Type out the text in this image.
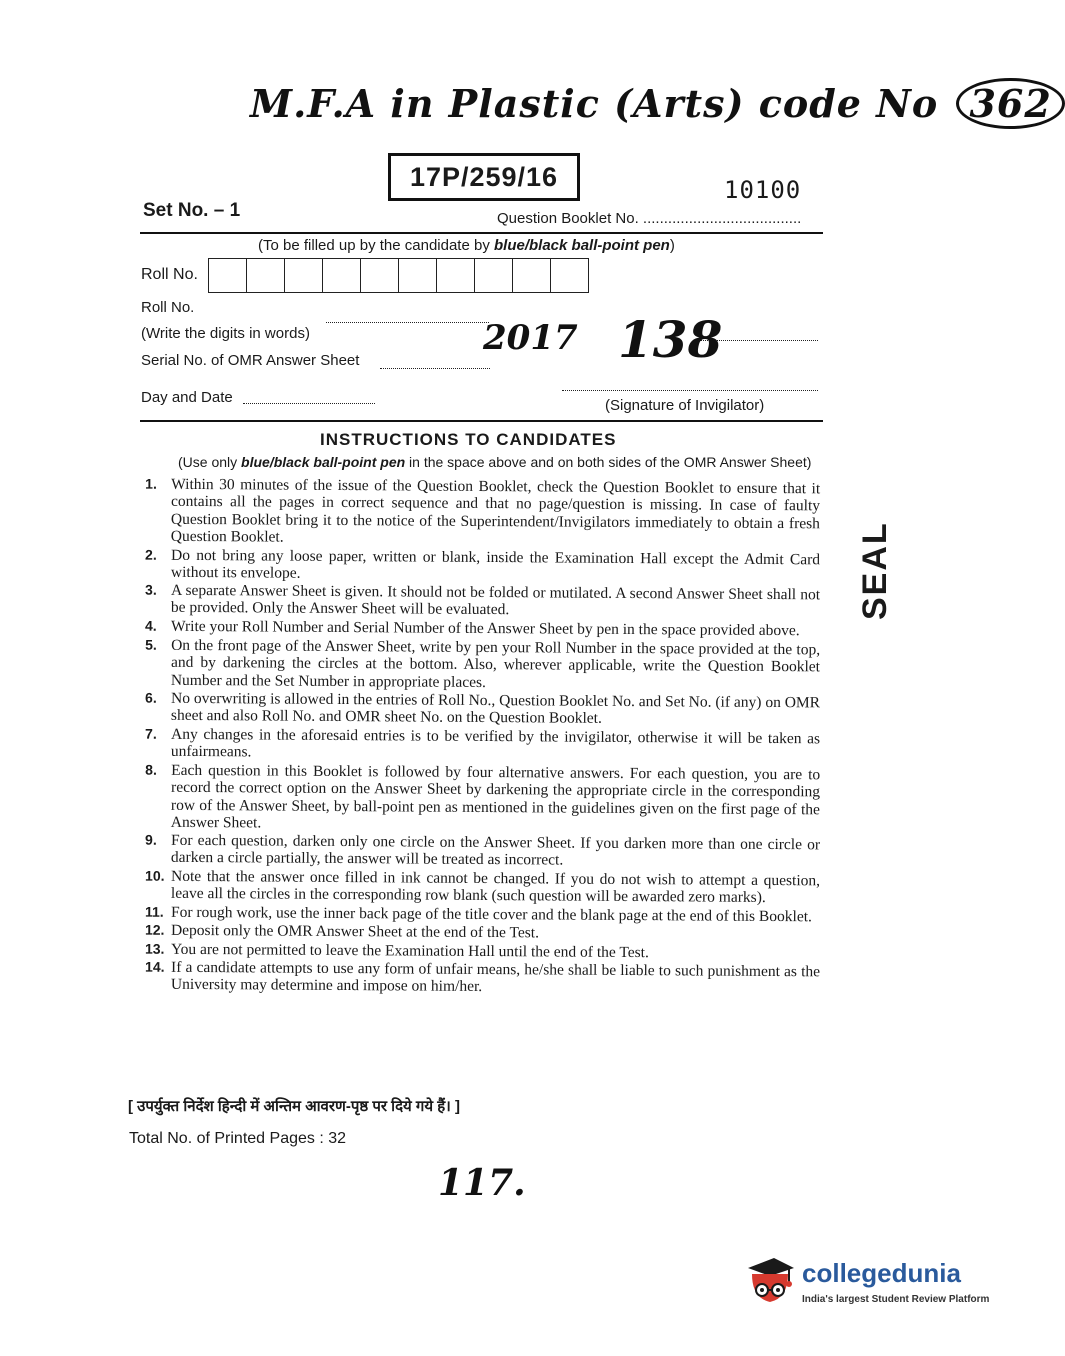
M.F.A in Plastic (Arts) code No 362
17P/259/16	10100
Set No. – 1	Question Booklet No. ......................................
(To be filled up by the candidate by blue/black ball-point pen)
Roll No.
Roll No.
(Write the digits in words)	2017 138
Serial No. of OMR Answer Sheet
Day and Date	(Signature of Invigilator)
INSTRUCTIONS TO CANDIDATES
(Use only blue/black ball-point pen in the space above and on both sides of the OMR Answer Sheet)
1. Within 30 minutes of the issue of the Question Booklet, check the Question Booklet to ensure that it contains all the pages in correct sequence and that no page/question is missing. In case of faulty Question Booklet bring it to the notice of the Superintendent/Invigilators immediately to obtain a fresh Question Booklet.
2. Do not bring any loose paper, written or blank, inside the Examination Hall except the Admit Card without its envelope.
3. A separate Answer Sheet is given. It should not be folded or mutilated. A second Answer Sheet shall not be provided. Only the Answer Sheet will be evaluated.
4. Write your Roll Number and Serial Number of the Answer Sheet by pen in the space provided above.
5. On the front page of the Answer Sheet, write by pen your Roll Number in the space provided at the top, and by darkening the circles at the bottom. Also, wherever applicable, write the Question Booklet Number and the Set Number in appropriate places.
6. No overwriting is allowed in the entries of Roll No., Question Booklet No. and Set No. (if any) on OMR sheet and also Roll No. and OMR sheet No. on the Question Booklet.
7. Any changes in the aforesaid entries is to be verified by the invigilator, otherwise it will be taken as unfairmeans.
8. Each question in this Booklet is followed by four alternative answers. For each question, you are to record the correct option on the Answer Sheet by darkening the appropriate circle in the corresponding row of the Answer Sheet, by ball-point pen as mentioned in the guidelines given on the first page of the Answer Sheet.
9. For each question, darken only one circle on the Answer Sheet. If you darken more than one circle or darken a circle partially, the answer will be treated as incorrect.
10. Note that the answer once filled in ink cannot be changed. If you do not wish to attempt a question, leave all the circles in the corresponding row blank (such question will be awarded zero marks).
11. For rough work, use the inner back page of the title cover and the blank page at the end of this Booklet.
12. Deposit only the OMR Answer Sheet at the end of the Test.
13. You are not permitted to leave the Examination Hall until the end of the Test.
14. If a candidate attempts to use any form of unfair means, he/she shall be liable to such punishment as the University may determine and impose on him/her.
[ उपर्युक्त निर्देश हिन्दी में अन्तिम आवरण-पृष्ठ पर दिये गये हैं। ]
Total No. of Printed Pages : 32
117.
SEAL
collegedunia
India's largest Student Review Platform
